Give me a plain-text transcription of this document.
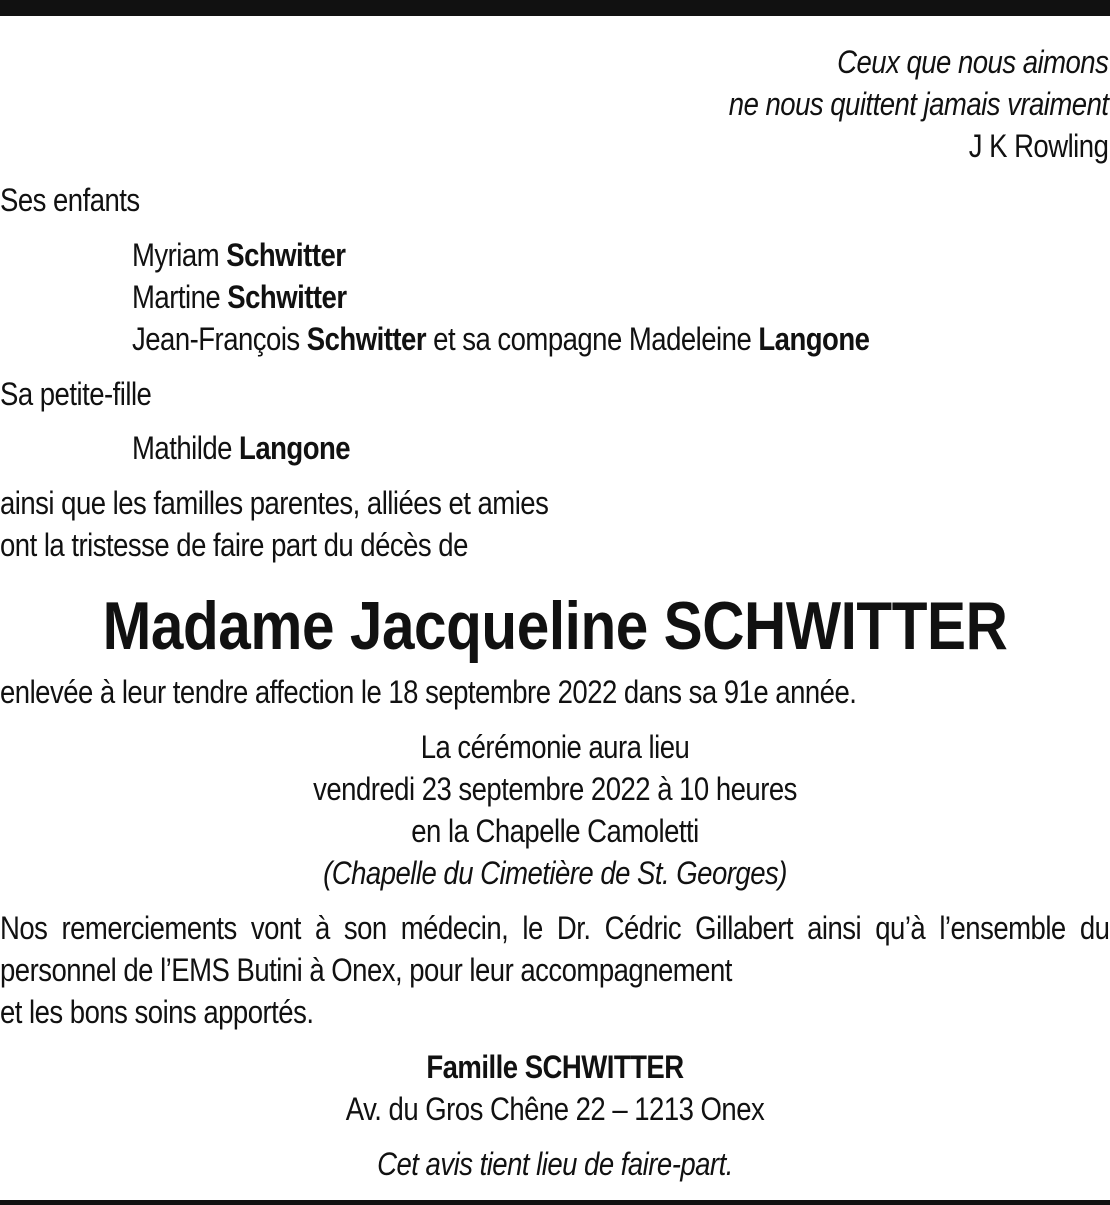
Ceux que nous aimons
ne nous quittent jamais vraiment
J K Rowling
Ses enfants
Myriam Schwitter
Martine Schwitter
Jean-François Schwitter et sa compagne Madeleine Langone
Sa petite-fille
Mathilde Langone
ainsi que les familles parentes, alliées et amies
ont la tristesse de faire part du décès de
Madame Jacqueline SCHWITTER
enlevée à leur tendre affection le 18 septembre 2022 dans sa 91e année.
La cérémonie aura lieu
vendredi 23 septembre 2022 à 10 heures
en la Chapelle Camoletti
(Chapelle du Cimetière de St. Georges)
Nos remerciements vont à son médecin, le Dr. Cédric Gillabert ainsi qu’à l’ensemble du personnel de l’EMS Butini à Onex, pour leur accompagnement
et les bons soins apportés.
Famille SCHWITTER
Av. du Gros Chêne 22 – 1213 Onex
Cet avis tient lieu de faire-part.
